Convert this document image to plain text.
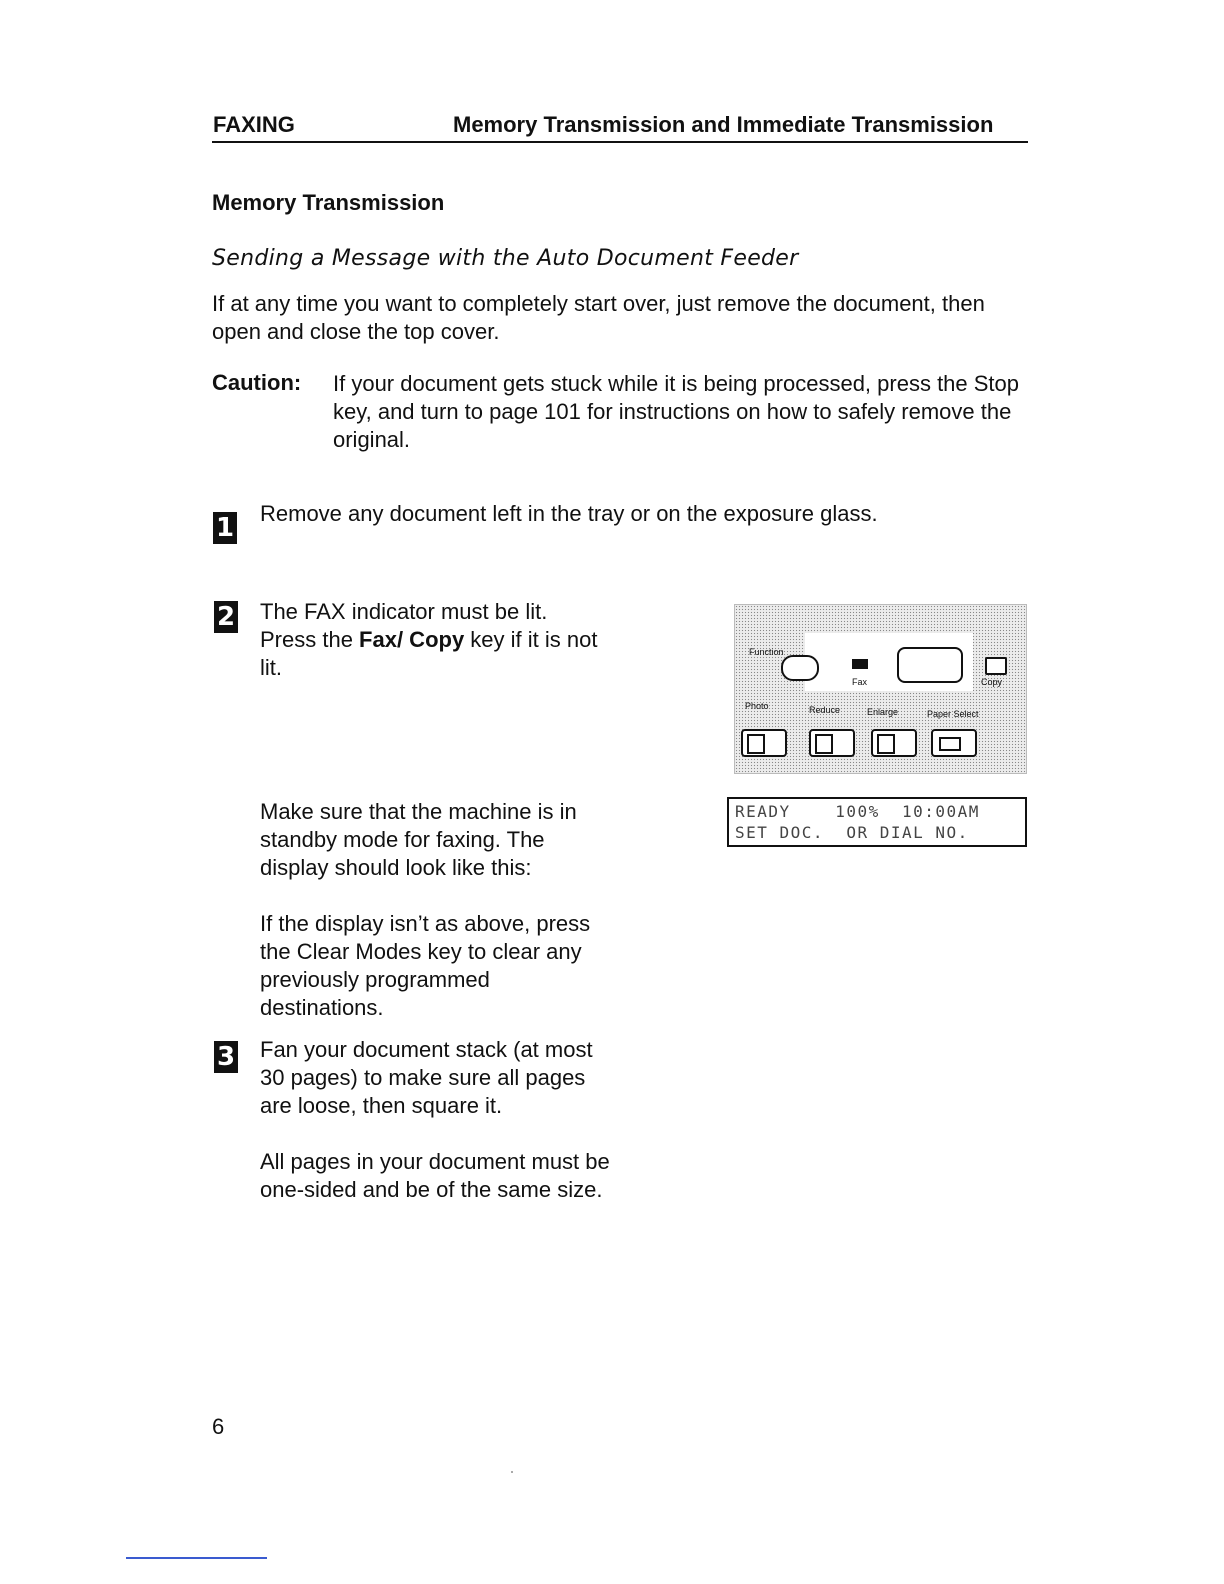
FAXING	Memory Transmission and Immediate Transmission
Memory Transmission
Sending a Message with the Auto Document Feeder
If at any time you want to completely start over, just remove the document, then open and close the top cover.
Caution: If your document gets stuck while it is being processed, press the Stop key, and turn to page 101 for instructions on how to safely remove the original.
1 Remove any document left in the tray or on the exposure glass.
2 The FAX indicator must be lit. Press the Fax/ Copy key if it is not lit.
Make sure that the machine is in standby mode for faxing. The display should look like this:
If the display isn’t as above, press the Clear Modes key to clear any previously programmed destinations.
Function
Fax	Copy
Photo	Reduce	Enlarge	Paper Select
READY    100%  10:00AM
SET DOC.  OR DIAL NO.
3 Fan your document stack (at most 30 pages) to make sure all pages are loose, then square it.
All pages in your document must be one-sided and be of the same size.
6
